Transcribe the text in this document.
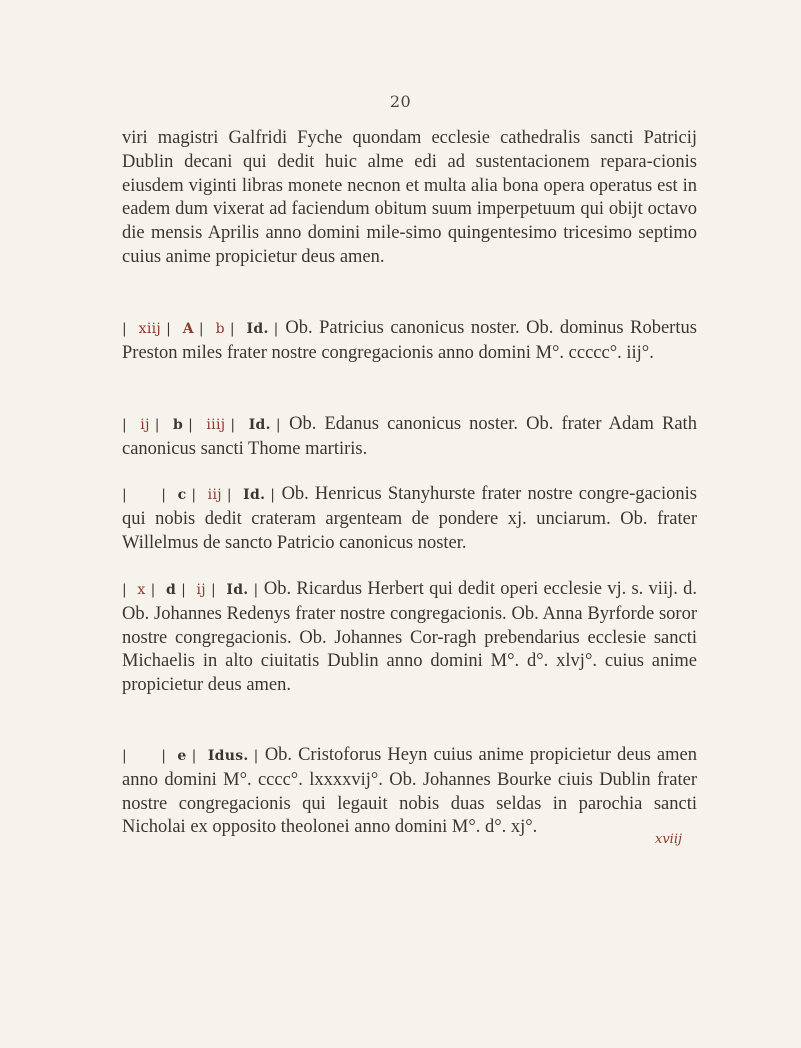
20

viri magistri Galfridi Fyche quondam ecclesie cathedralis sancti Patricij Dublin decani qui dedit huic alme edi ad sustentacionem repara-cionis eiusdem viginti libras monete necnon et multa alia bona opera operatus est in eadem dum vixerat ad faciendum obitum suum imperpetuum qui obijt octavo die mensis Aprilis anno domini mile-simo quingentesimo tricesimo septimo cuius anime propicietur deus amen.

| xiij | A | b | Id. | Ob. Patricius canonicus noster. Ob. dominus Robertus Preston miles frater nostre congregacionis anno domini M°. ccccc°. iij°.

| ij | b | iiij | Id. | Ob. Edanus canonicus noster. Ob. frater Adam Rath canonicus sancti Thome martiris.

| | c | iij | Id. | Ob. Henricus Stanyhurste frater nostre congre-gacionis qui nobis dedit crateram argenteam de pondere xj. unciarum. Ob. frater Willelmus de sancto Patricio canonicus noster.

| x | d | ij | Id. | Ob. Ricardus Herbert qui dedit operi ecclesie vj. s. viij. d. Ob. Johannes Redenys frater nostre congregacionis. Ob. Anna Byrforde soror nostre congregacionis. Ob. Johannes Cor-ragh prebendarius ecclesie sancti Michaelis in alto ciuitatis Dublin anno domini M°. d°. xlvj°. cuius anime propicietur deus amen.

| | e | Idus. | Ob. Cristoforus Heyn cuius anime propicietur deus amen anno domini M°. cccc°. lxxxxvij°. Ob. Johannes Bourke ciuis Dublin frater nostre congregacionis qui legauit nobis duas seldas in parochia sancti Nicholai ex opposito theolonei anno domini M°. d°. xj°.

xviij
